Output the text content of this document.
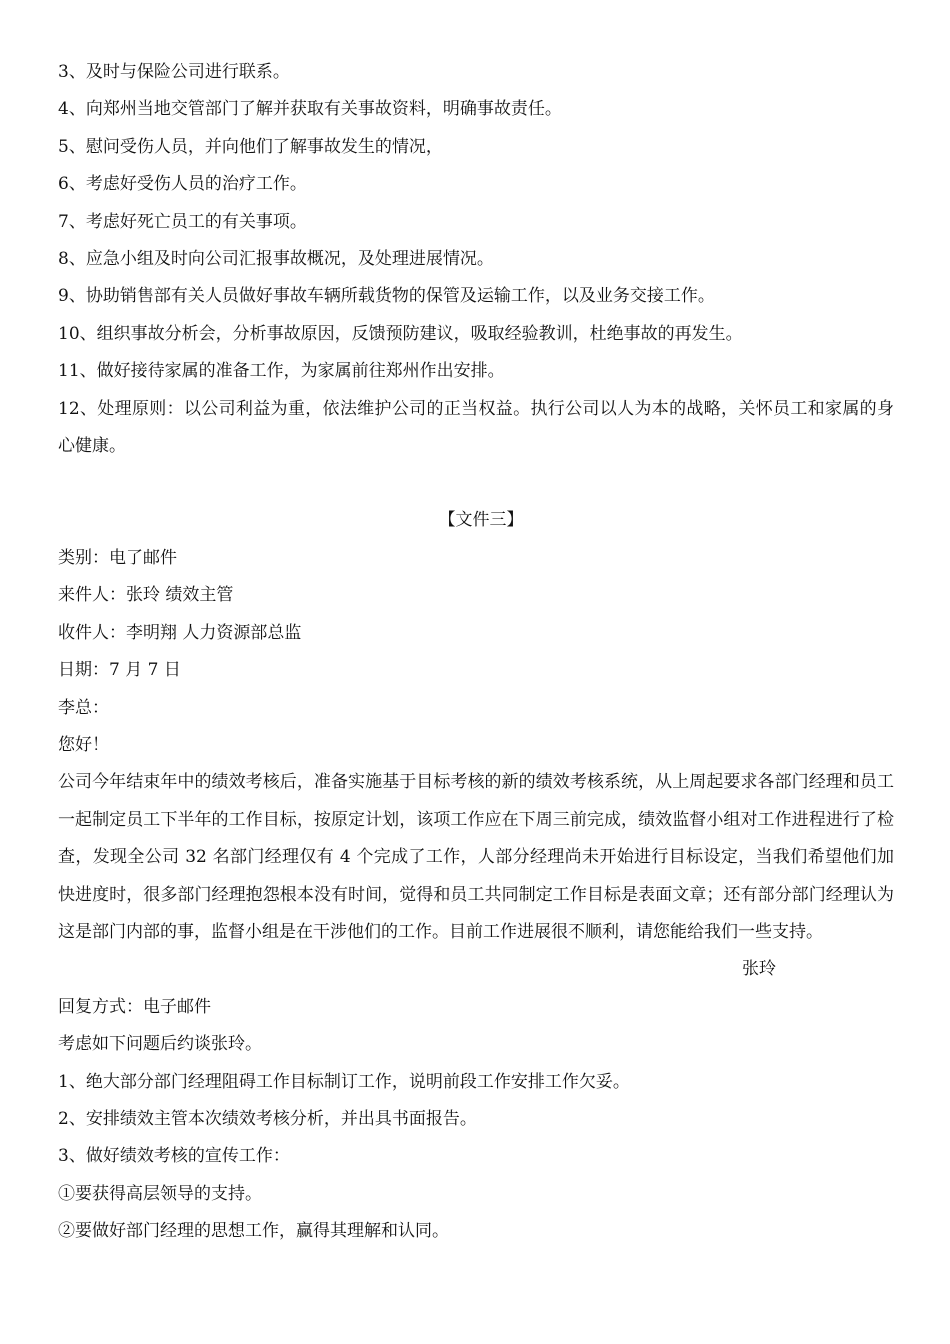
3、及时与保险公司进行联系。
4、向郑州当地交管部门了解并获取有关事故资料，明确事故责任。
5、慰问受伤人员，并向他们了解事故发生的情况，
6、考虑好受伤人员的治疗工作。
7、考虑好死亡员工的有关事项。
8、应急小组及时向公司汇报事故概况，及处理进展情况。
9、协助销售部有关人员做好事故车辆所载货物的保管及运输工作，以及业务交接工作。
10、组织事故分析会，分析事故原因，反馈预防建议，吸取经验教训，杜绝事故的再发生。
11、做好接待家属的准备工作，为家属前往郑州作出安排。
12、处理原则：以公司利益为重，依法维护公司的正当权益。执行公司以人为本的战略，关怀员工和家属的身心健康。
【文件三】
类别：电了邮件
来件人：张玲 绩效主管
收件人：李明翔 人力资源部总监
日期：7 月 7 日
李总：
您好！
公司今年结束年中的绩效考核后，准备实施基于目标考核的新的绩效考核系统，从上周起要求各部门经理和员工一起制定员工下半年的工作目标，按原定计划，该项工作应在下周三前完成，绩效监督小组对工作进程进行了检查，发现全公司 32 名部门经理仅有 4 个完成了工作，人部分经理尚未开始进行目标设定，当我们希望他们加快进度时，很多部门经理抱怨根本没有时间，觉得和员工共同制定工作目标是表面文章；还有部分部门经理认为这是部门内部的事，监督小组是在干涉他们的工作。目前工作进展很不顺利，请您能给我们一些支持。
张玲
回复方式：电子邮件
考虑如下问题后约谈张玲。
1、绝大部分部门经理阻碍工作目标制订工作，说明前段工作安排工作欠妥。
2、安排绩效主管本次绩效考核分析，并出具书面报告。
3、做好绩效考核的宣传工作：
①要获得高层领导的支持。
②要做好部门经理的思想工作，赢得其理解和认同。
